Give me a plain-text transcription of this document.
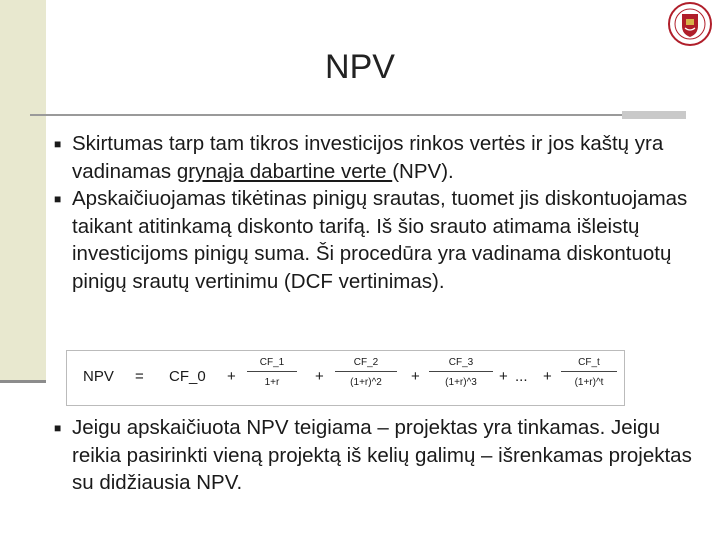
NPV
■ Skirtumas tarp tam tikros investicijos rinkos vertės ir jos kaštų yra vadinamas grynąja dabartine verte (NPV).
■ Apskaičiuojamas tikėtinas pinigų srautas, tuomet jis diskontuojamas taikant atitinkamą diskonto tarifą. Iš šio srauto atimama išleistų investicijoms pinigų suma. Ši procedūra yra vadinama diskontuotų pinigų srautų vertinimu (DCF vertinimas).
NPV = CF_0 +
CF_1
1+r	+
CF_2
(1+r)^2	+
CF_3
(1+r)^3	+ ... +
CF_t
(1+r)^t
■ Jeigu apskaičiuota NPV teigiama – projektas yra tinkamas. Jeigu reikia pasirinkti vieną projektą iš kelių galimų – išrenkamas projektas su didžiausia NPV.
